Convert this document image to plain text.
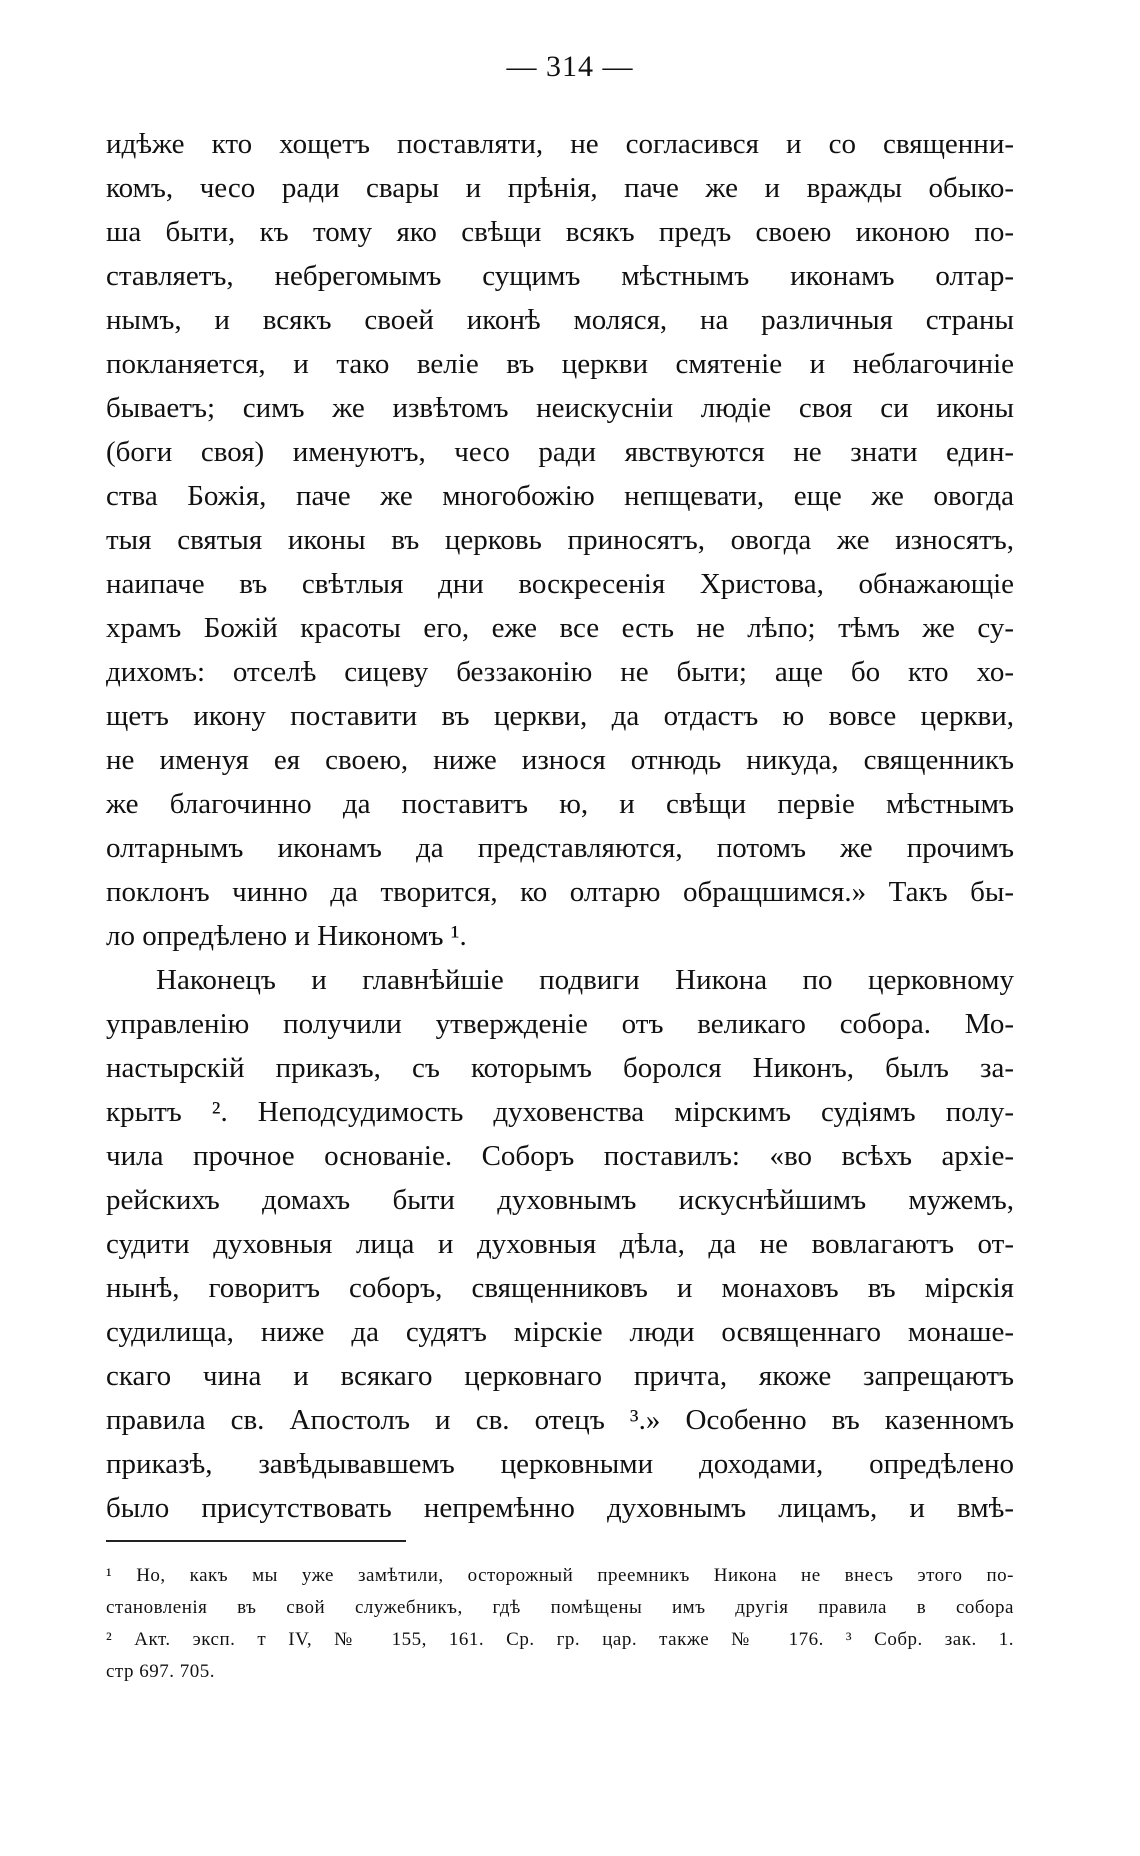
— 314 —
идѣже кто хощетъ поставляти, не согласився и со священни-
комъ, чесо ради свары и прѣнія, паче же и вражды обыко-
ша быти, къ тому яко свѣщи всякъ предъ своею иконою по-
ставляетъ, небрегомымъ сущимъ мѣстнымъ иконамъ олтар-
нымъ, и всякъ своей иконѣ моляся, на различныя страны
покланяется, и тако веліе въ церкви смятеніе и неблагочиніе
бываетъ; симъ же извѣтомъ неискусніи людіе своя си иконы
(боги своя) именуютъ, чесо ради явствуются не знати един-
ства Божія, паче же многобожію непщевати, еще же овогда
тыя святыя иконы въ церковь приносятъ, овогда же износятъ,
наипаче въ свѣтлыя дни воскресенія Христова, обнажающіе
храмъ Божій красоты его, еже все есть не лѣпо; тѣмъ же су-
дихомъ: отселѣ сицеву беззаконію не быти; аще бо кто хо-
щетъ икону поставити въ церкви, да отдастъ ю вовсе церкви,
не именуя ея своею, ниже износя отнюдь никуда, священникъ
же благочинно да поставитъ ю, и свѣщи первіе мѣстнымъ
олтарнымъ иконамъ да представляются, потомъ же прочимъ
поклонъ чинно да творится, ко олтарю обращшимся.» Такъ бы-
ло опредѣлено и Никономъ ¹.
Наконецъ и главнѣйшіе подвиги Никона по церковному
управленію получили утвержденіе отъ великаго собора. Мо-
настырскій приказъ, съ которымъ боролся Никонъ, былъ за-
крытъ ². Неподсудимость духовенства мірскимъ судіямъ полу-
чила прочное основаніе. Соборъ поставилъ: «во всѣхъ архіе-
рейскихъ домахъ быти духовнымъ искуснѣйшимъ мужемъ,
судити духовныя лица и духовныя дѣла, да не вовлагаютъ от-
нынѣ, говоритъ соборъ, священниковъ и монаховъ въ мірскія
судилища, ниже да судятъ мірскіе люди освященнаго монаше-
скаго чина и всякаго церковнаго причта, якоже запрещаютъ
правила св. Апостолъ и св. отецъ ³.» Особенно въ казенномъ
приказѣ, завѣдывавшемъ церковными доходами, опредѣлено
было присутствовать непремѣнно духовнымъ лицамъ, и вмѣ-
¹ Но, какъ мы уже замѣтили, осторожный преемникъ Никона не внесъ этого по-
становленія въ свой служебникъ, гдѣ помѣщены имъ другія правила в собора
² Акт. эксп. т IV, № 155, 161. Ср. гр. цар. также № 176. ³ Собр. зак. 1.
стр 697. 705.
